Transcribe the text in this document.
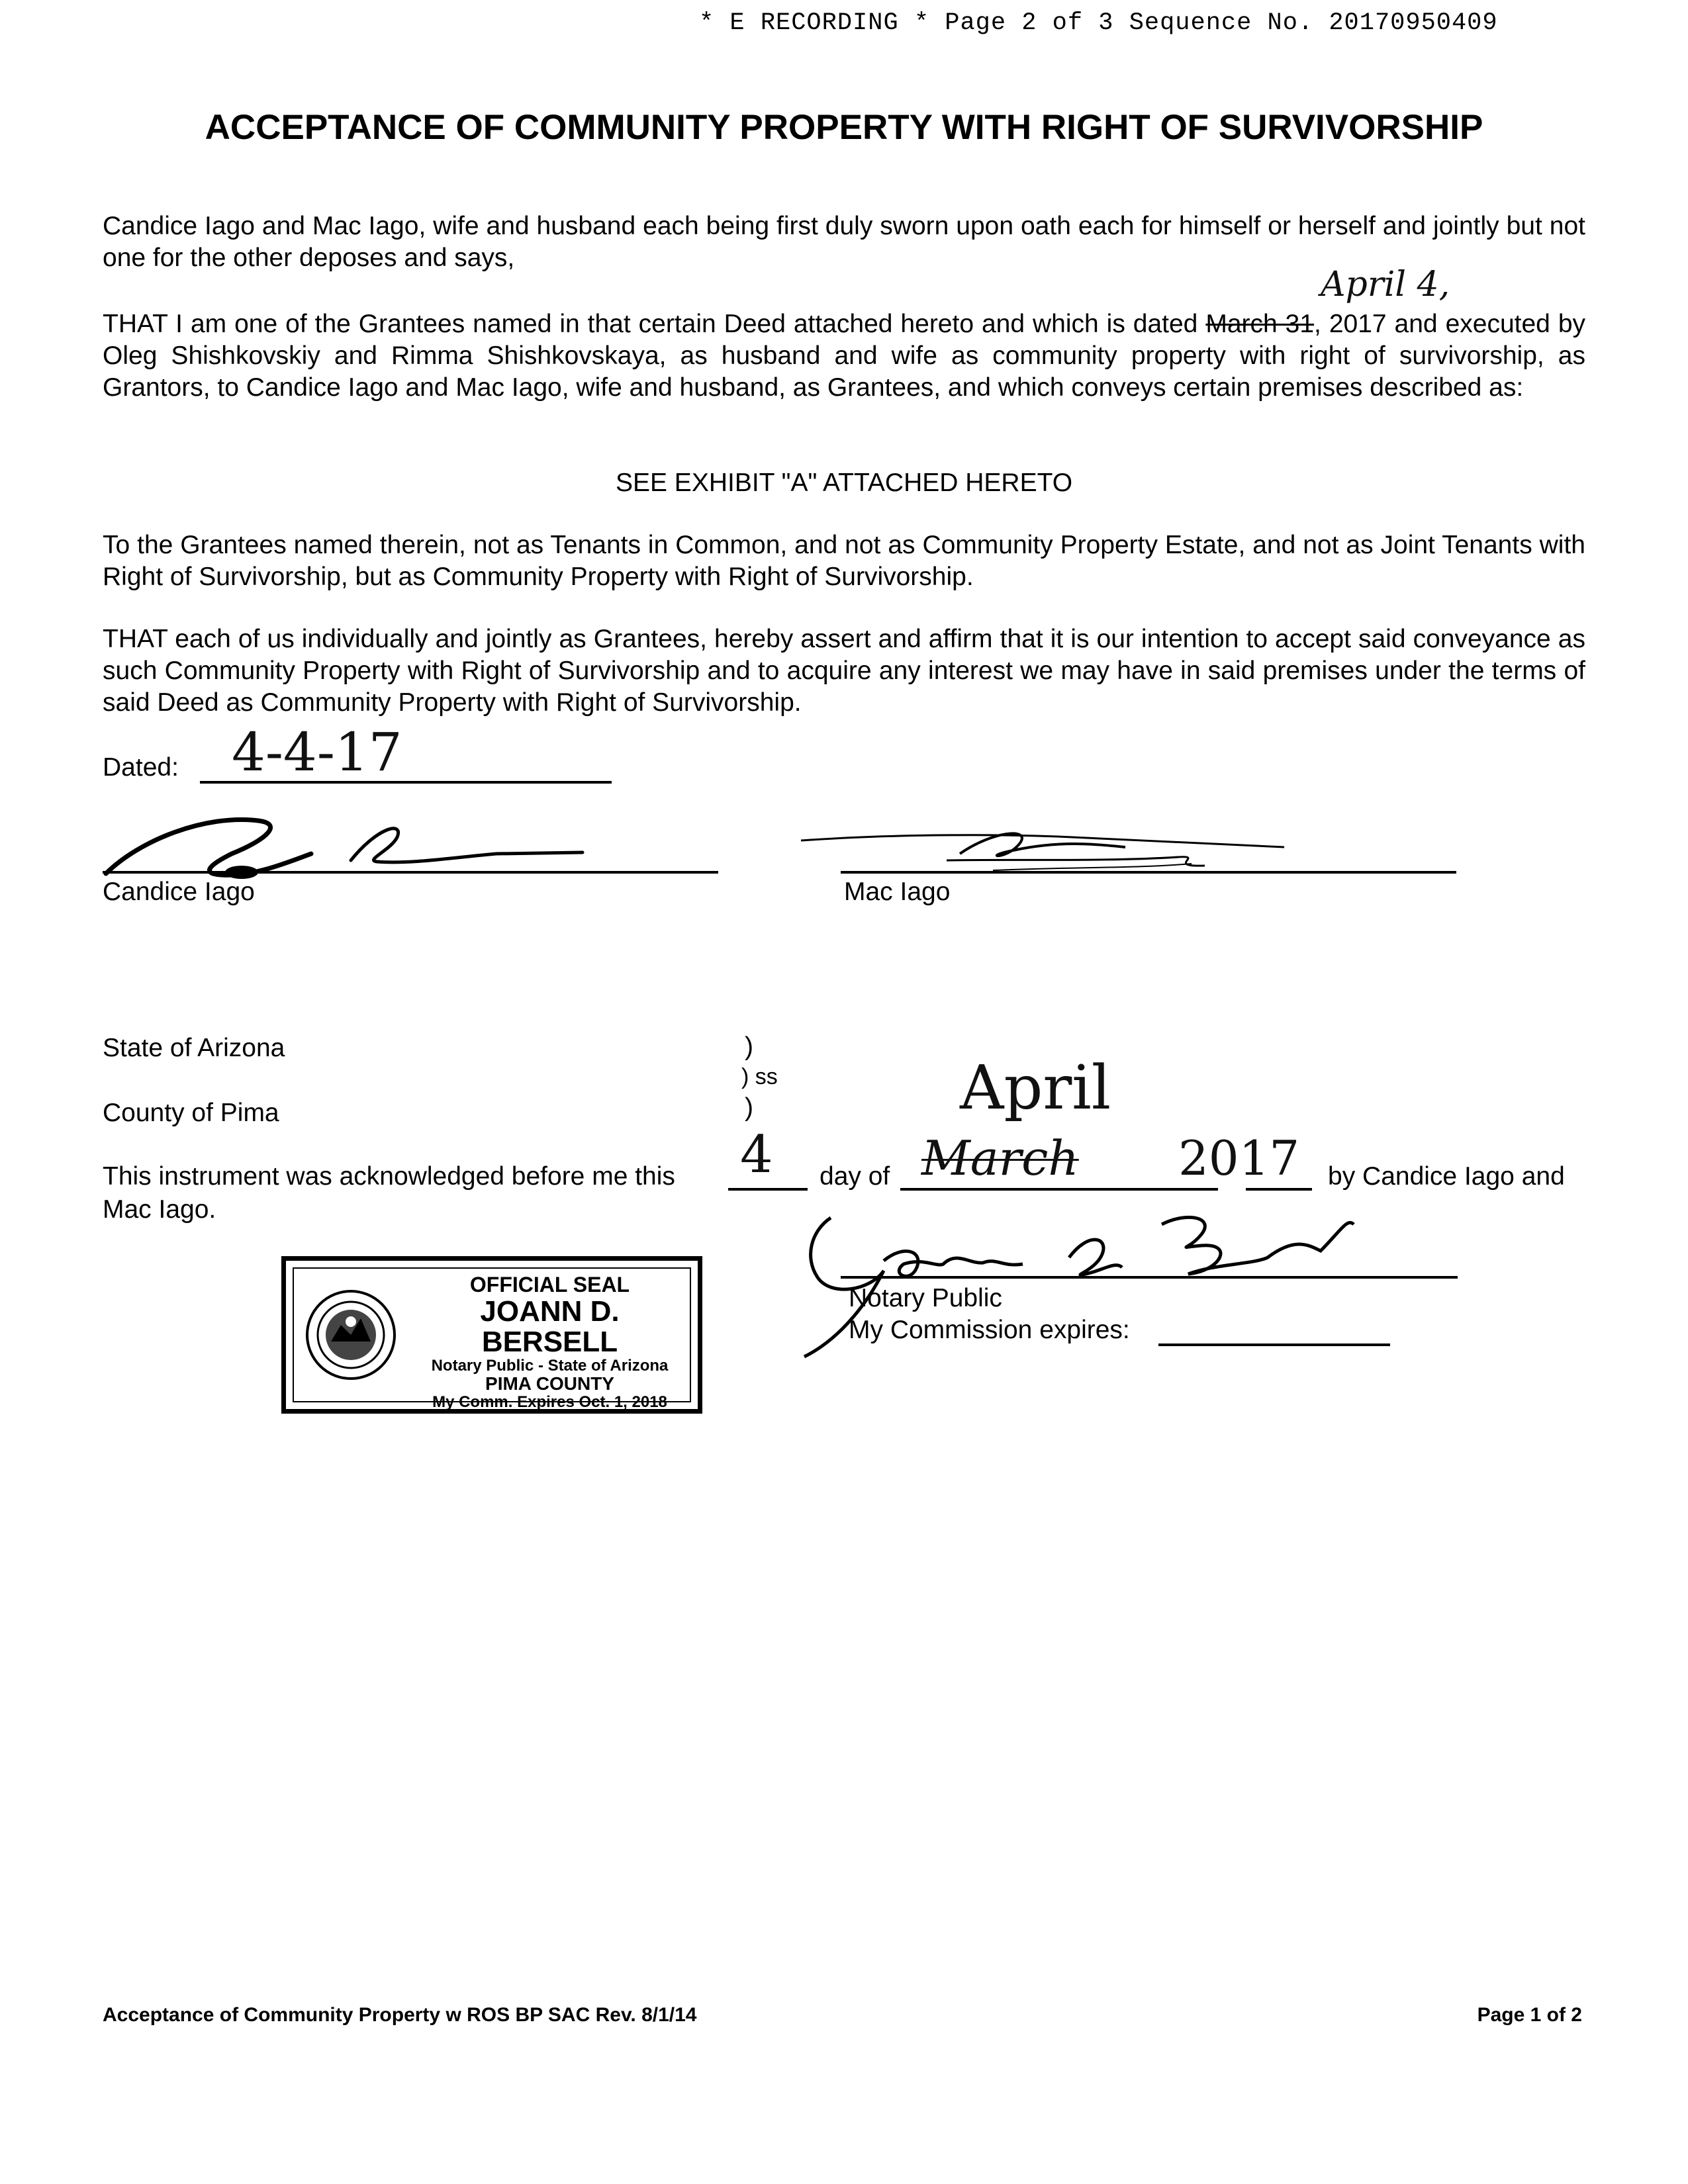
* E RECORDING * Page 2 of 3 Sequence No. 20170950409
ACCEPTANCE OF COMMUNITY PROPERTY WITH RIGHT OF SURVIVORSHIP
Candice Iago and Mac Iago, wife and husband each being first duly sworn upon oath each for himself or herself and jointly but not one for the other deposes and says,
April 4,
THAT I am one of the Grantees named in that certain Deed attached hereto and which is dated March 31, 2017 and executed by Oleg Shishkovskiy and Rimma Shishkovskaya, as husband and wife as community property with right of survivorship, as Grantors, to Candice Iago and Mac Iago, wife and husband, as Grantees, and which conveys certain premises described as:
SEE EXHIBIT "A" ATTACHED HERETO
To the Grantees named therein, not as Tenants in Common, and not as Community Property Estate, and not as Joint Tenants with Right of Survivorship, but as Community Property with Right of Survivorship.
THAT each of us individually and jointly as Grantees, hereby assert and affirm that it is our intention to accept said conveyance as such Community Property with Right of Survivorship and to acquire any interest we may have in said premises under the terms of said Deed as Community Property with Right of Survivorship.
Dated: 4-4-17
Candice Iago	Mac Iago
State of Arizona
County of Pima
)
) ss
)	April
This instrument was acknowledged before me this 4 day of March 2017 by Candice Iago and
Mac Iago.
Notary Public
My Commission expires:
OFFICIAL SEAL
JOANN D. BERSELL
Notary Public - State of Arizona
PIMA COUNTY
My Comm. Expires Oct. 1, 2018
Acceptance of Community Property w ROS BP SAC Rev. 8/1/14	Page 1 of 2
